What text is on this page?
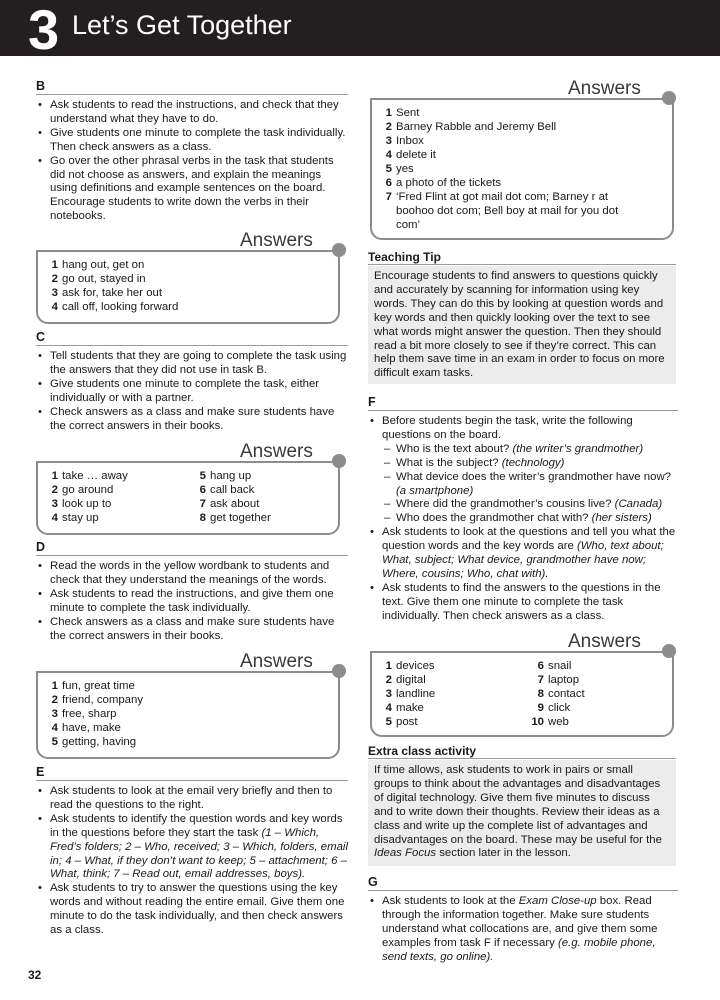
3 Let’s Get Together
B
• Ask students to read the instructions, and check that they understand what they have to do.
• Give students one minute to complete the task individually. Then check answers as a class.
• Go over the other phrasal verbs in the task that students did not choose as answers, and explain the meanings using definitions and example sentences on the board. Encourage students to write down the verbs in their notebooks.
Answers
1 hang out, get on
2 go out, stayed in
3 ask for, take her out
4 call off, looking forward
C
• Tell students that they are going to complete the task using the answers that they did not use in task B.
• Give students one minute to complete the task, either individually or with a partner.
• Check answers as a class and make sure students have the correct answers in their books.
Answers
1 take … away
2 go around
3 look up to
4 stay up
5 hang up
6 call back
7 ask about
8 get together
D
• Read the words in the yellow wordbank to students and check that they understand the meanings of the words.
• Ask students to read the instructions, and give them one minute to complete the task individually.
• Check answers as a class and make sure students have the correct answers in their books.
Answers
1 fun, great time
2 friend, company
3 free, sharp
4 have, make
5 getting, having
E
• Ask students to look at the email very briefly and then to read the questions to the right.
• Ask students to identify the question words and key words in the questions before they start the task (1 – Which, Fred’s folders; 2 – Who, received; 3 – Which, folders, email in; 4 – What, if they don’t want to keep; 5 – attachment; 6 – What, think; 7 – Read out, email addresses, boys).
• Ask students to try to answer the questions using the key words and without reading the entire email. Give them one minute to do the task individually, and then check answers as a class.
32
Answers
1 Sent
2 Barney Rabble and Jeremy Bell
3 Inbox
4 delete it
5 yes
6 a photo of the tickets
7 ‘Fred Flint at got mail dot com; Barney r at
boohoo dot com; Bell boy at mail for you dot
com’
Teaching Tip
Encourage students to find answers to questions quickly and accurately by scanning for information using key words. They can do this by looking at question words and key words and then quickly looking over the text to see what words might answer the question. Then they should read a bit more closely to see if they’re correct. This can help them save time in an exam in order to focus on more difficult exam tasks.
F
• Before students begin the task, write the following questions on the board.
– Who is the text about? (the writer’s grandmother)
– What is the subject? (technology)
– What device does the writer’s grandmother have now? (a smartphone)
– Where did the grandmother’s cousins live? (Canada)
– Who does the grandmother chat with? (her sisters)
• Ask students to look at the questions and tell you what the question words and the key words are (Who, text about; What, subject; What device, grandmother have now; Where, cousins; Who, chat with).
• Ask students to find the answers to the questions in the text. Give them one minute to complete the task individually. Then check answers as a class.
Answers
1 devices
2 digital
3 landline
4 make
5 post
6 snail
7 laptop
8 contact
9 click
10 web
Extra class activity
If time allows, ask students to work in pairs or small groups to think about the advantages and disadvantages of digital technology. Give them five minutes to discuss and to write down their thoughts. Review their ideas as a class and write up the complete list of advantages and disadvantages on the board. These may be useful for the Ideas Focus section later in the lesson.
G
• Ask students to look at the Exam Close-up box. Read through the information together. Make sure students understand what collocations are, and give them some examples from task F if necessary (e.g. mobile phone, send texts, go online).
